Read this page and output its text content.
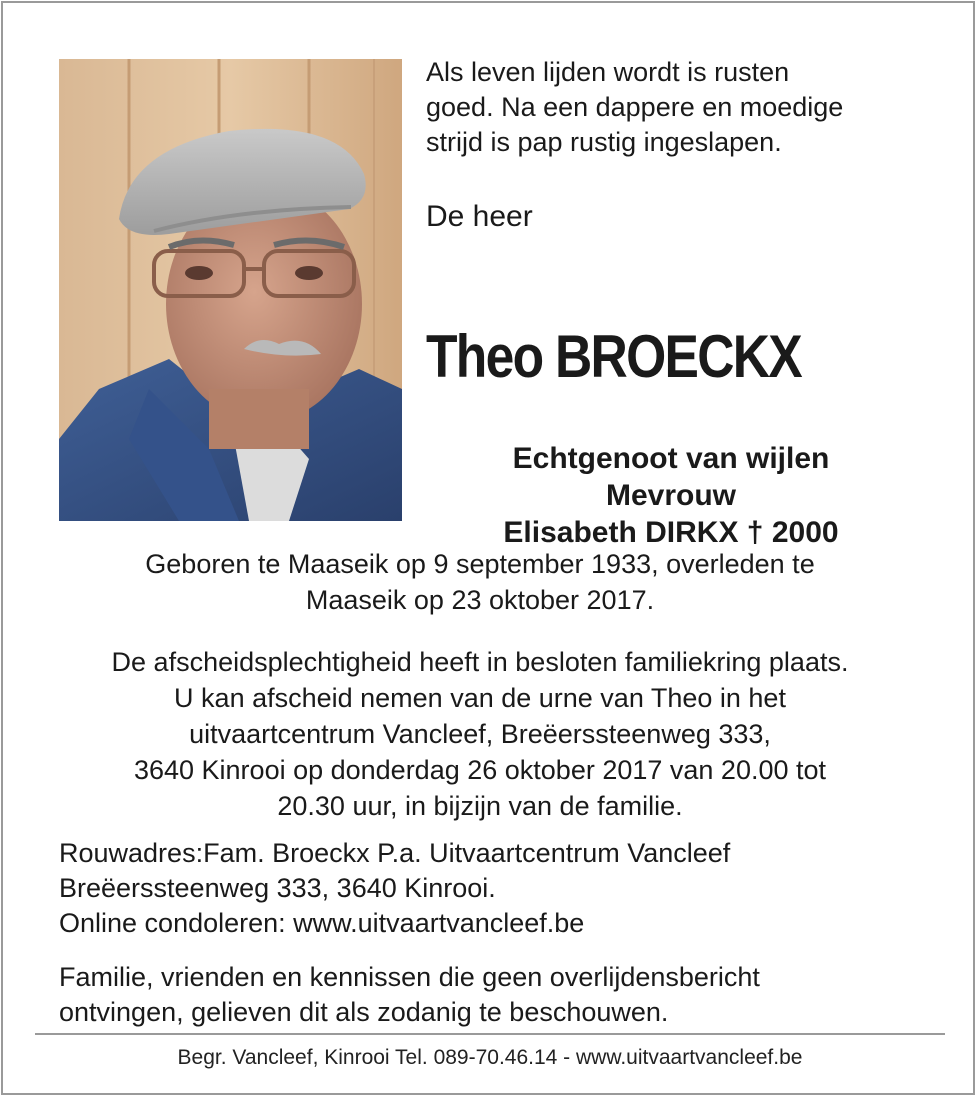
Als leven lijden wordt is rusten
goed. Na een dappere en moedige
strijd is pap rustig ingeslapen.

De heer

Theo BROECKX
Echtgenoot van wijlen
Mevrouw
Elisabeth DIRKX † 2000
Geboren te Maaseik op 9 september 1933, overleden te
Maaseik op 23 oktober 2017.
De afscheidsplechtigheid heeft in besloten familiekring plaats.
U kan afscheid nemen van de urne van Theo in het
uitvaartcentrum Vancleef, Breëerssteenweg 333,
3640 Kinrooi op donderdag 26 oktober 2017 van 20.00 tot
20.30 uur, in bijzijn van de familie.
Rouwadres:Fam. Broeckx P.a. Uitvaartcentrum Vancleef
Breëerssteenweg 333, 3640 Kinrooi.
Online condoleren: www.uitvaartvancleef.be
Familie, vrienden en kennissen die geen overlijdensbericht
ontvingen, gelieven dit als zodanig te beschouwen.
Begr. Vancleef, Kinrooi Tel. 089-70.46.14 - www.uitvaartvancleef.be
